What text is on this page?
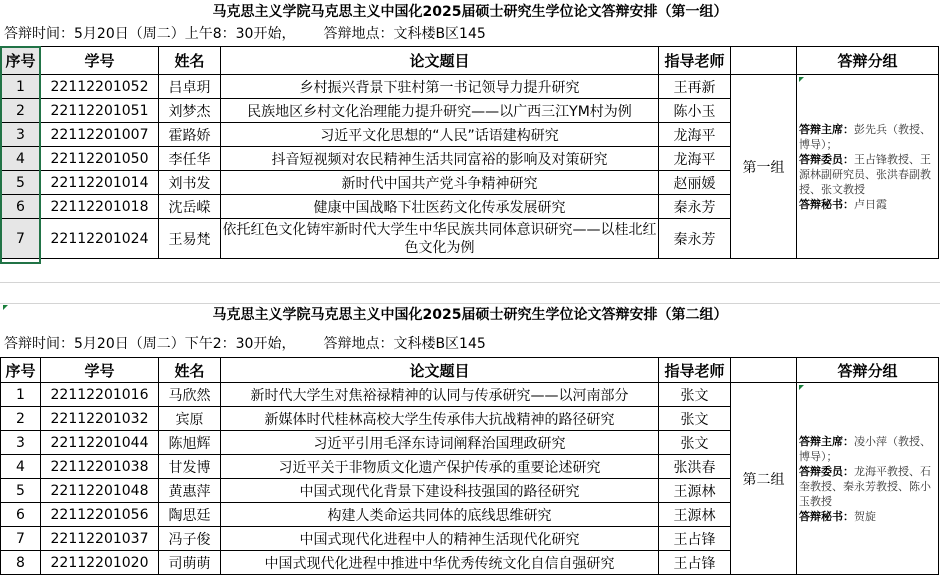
马克思主义学院马克思主义中国化2025届硕士研究生学位论文答辩安排（第一组）
答辩时间：5月20日（周二）上午8：30开始， 答辩地点：文科楼B区145
序号	学号	姓名	论文题目	指导老师		答辩分组
1	22112201052	吕卓玥	乡村振兴背景下驻村第一书记领导力提升研究	王再新	第一组	答辩主席：彭先兵（教授、博导）；
答辩委员：王占锋教授、王源林副研究员、张洪春副教授、张文教授
答辩秘书：卢日霞
2	22112201051	刘梦杰	民族地区乡村文化治理能力提升研究——以广西三江YM村为例	陈小玉		
3	22112201007	霍路娇	习近平文化思想的“人民”话语建构研究	龙海平		
4	22112201050	李任华	抖音短视频对农民精神生活共同富裕的影响及对策研究	龙海平		
5	22112201014	刘书发	新时代中国共产党斗争精神研究	赵丽媛		
6	22112201018	沈岳嵘	健康中国战略下壮医药文化传承发展研究	秦永芳		
7	22112201024	王易梵	依托红色文化铸牢新时代大学生中华民族共同体意识研究——以桂北红色文化为例	秦永芳		
马克思主义学院马克思主义中国化2025届硕士研究生学位论文答辩安排（第二组）
答辩时间：5月20日（周二）下午2：30开始， 答辩地点：文科楼B区145
序号	学号	姓名	论文题目	指导老师		答辩分组
1	22112201016	马欣然	新时代大学生对焦裕禄精神的认同与传承研究——以河南部分	张文	第二组	答辩主席：凌小萍（教授、博导）；
答辩委员：龙海平教授、石奎教授、秦永芳教授、陈小玉教授
答辩秘书：贺旋
2	22112201032	宾原	新媒体时代桂林高校大学生传承伟大抗战精神的路径研究	张文		
3	22112201044	陈旭辉	习近平引用毛泽东诗词阐释治国理政研究	张文		
4	22112201038	甘发博	习近平关于非物质文化遗产保护传承的重要论述研究	张洪春		
5	22112201048	黄惠萍	中国式现代化背景下建设科技强国的路径研究	王源林		
6	22112201056	陶思廷	构建人类命运共同体的底线思维研究	王源林		
7	22112201037	冯子俊	中国式现代化进程中人的精神生活现代化研究	王占锋		
8	22112201020	司萌萌	中国式现代化进程中推进中华优秀传统文化自信自强研究	王占锋		
